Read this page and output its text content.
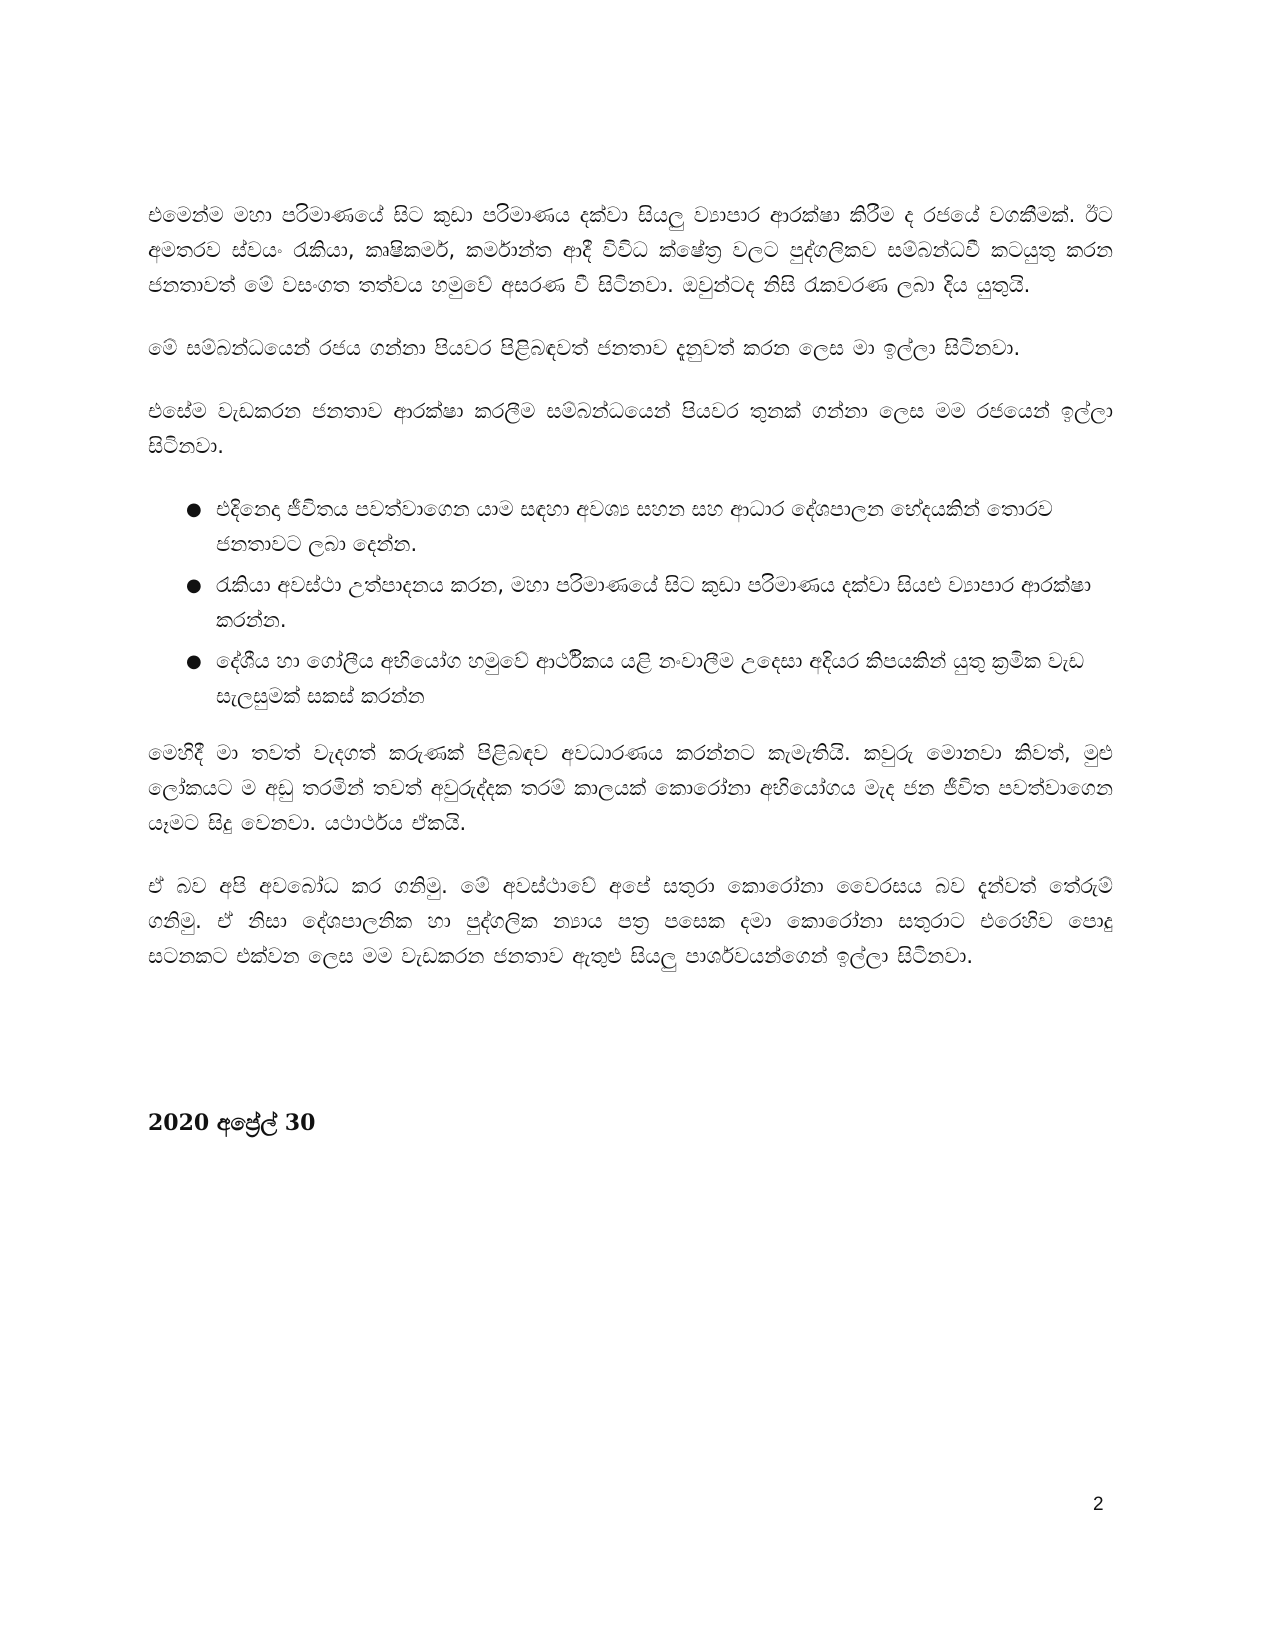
එමෙන්ම මහා පරිමාණයේ සිට කුඩා පරිමාණය දක්වා සියලු ව්‍යාපාර ආරක්ෂා කිරීම ද රජයේ වගකීමක්. ඊට අමතරව ස්වයං රැකියා, කෘෂිකර්ම, කර්මාන්ත ආදී විවිධ ක්ෂේත්‍ර වලට පුද්ගලිකව සම්බන්ධවී කටයුතු කරන ජනතාවත් මේ වසංගත තත්වය හමුවේ අසරණ වී සිටිනවා. ඔවුන්ටද නිසි රැකවරණ ලබා දිය යුතුයි.

මේ සම්බන්ධයෙන් රජය ගන්නා පියවර පිළිබඳවත් ජනතාව දැනුවත් කරන ලෙස මා ඉල්ලා සිටිනවා.

එසේම වැඩකරන ජනතාව ආරක්ෂා කරලීම සම්බන්ධයෙන් පියවර තුනක් ගන්නා ලෙස මම රජයෙන් ඉල්ලා සිටිනවා.

● එදිනෙදා ජීවිතය පවත්වාගෙන යාම සඳහා අවශ්‍ය සහන සහ ආධාර දේශපාලන භේදයකින් තොරව ජනතාවට ලබා දෙන්න.
● රැකියා අවස්ථා උත්පාදනය කරන, මහා පරිමාණයේ සිට කුඩා පරිමාණය දක්වා සියළු ව්‍යාපාර ආරක්ෂා කරන්න.
● දේශීය හා ගෝලීය අභියෝග හමුවේ ආර්ථිකය යළි නංවාලීම උදෙසා අදියර කිපයකින් යුතු ක්‍රමික වැඩ සැලසුමක් සකස් කරන්න

මෙහිදී මා තවත් වැදගත් කරුණක් පිළිබඳව අවධාරණය කරන්නට කැමැතියි. කවුරු මොනවා කිවත්, මුළු ලෝකයට ම අඩු තරමින් තවත් අවුරුද්දක තරම් කාලයක් කොරෝනා අභියෝගය මැද ජන ජීවිත පවත්වාගෙන යෑමට සිදු වෙනවා. යථාර්ථය ඒකයි.

ඒ බව අපි අවබෝධ කර ගනිමු. මේ අවස්ථාවේ අපේ සතුරා කොරෝනා වෛරසය බව දැන්වත් තේරුම් ගනිමු. ඒ නිසා දේශපාලනික හා පුද්ගලික න්‍යාය පත්‍ර පසෙක දමා කොරෝනා සතුරාට එරෙහිව පොදු සටනකට එක්වන ලෙස මම වැඩකරන ජනතාව ඇතුළු සියලු පාර්ශවයන්ගෙන් ඉල්ලා සිටිනවා.

2020 අප්‍රේල් 30
2
